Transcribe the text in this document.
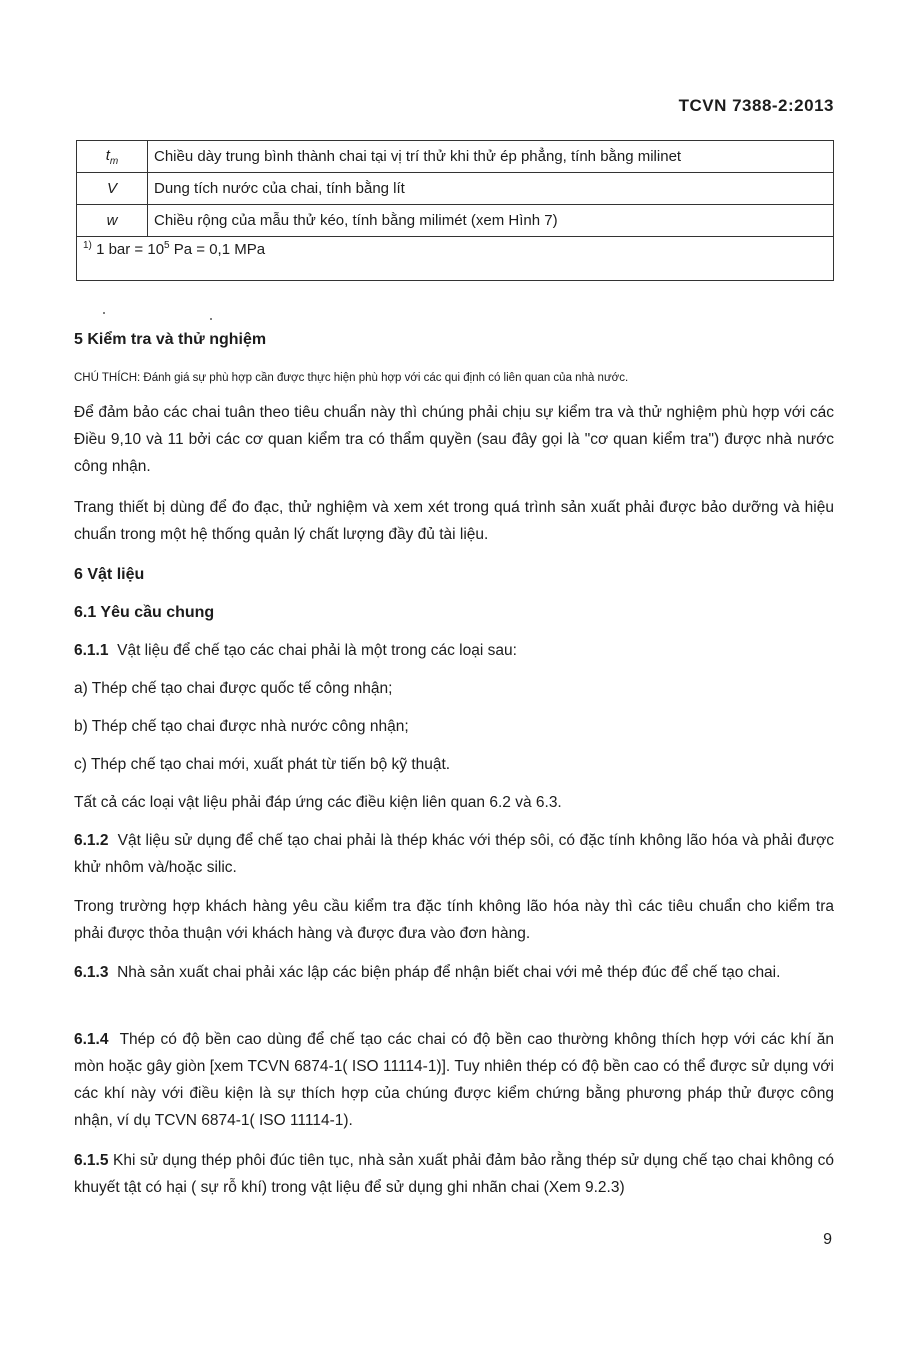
TCVN 7388-2:2013
$t_m$	Chiều dày trung bình thành chai tại vị trí thử khi thử ép phẳng, tính bằng milinet
V	Dung tích nước của chai, tính bằng lít
w	Chiều rộng của mẫu thử kéo, tính bằng milimét (xem Hình 7)
$^{1)}$ 1 bar = $10^5$ Pa = 0,1 MPa	
5 Kiểm tra và thử nghiệm
CHÚ THÍCH: Đánh giá sự phù hợp cần được thực hiện phù hợp với các qui định có liên quan của nhà nước.
Để đảm bảo các chai tuân theo tiêu chuẩn này thì chúng phải chịu sự kiểm tra và thử nghiệm phù hợp với các Điều 9,10 và 11 bởi các cơ quan kiểm tra có thẩm quyền (sau đây gọi là "cơ quan kiểm tra") được nhà nước công nhận.
Trang thiết bị dùng để đo đạc, thử nghiệm và xem xét trong quá trình sản xuất phải được bảo dưỡng và hiệu chuẩn trong một hệ thống quản lý chất lượng đầy đủ tài liệu.
6 Vật liệu
6.1 Yêu cầu chung
6.1.1 Vật liệu để chế tạo các chai phải là một trong các loại sau:
a) Thép chế tạo chai được quốc tế công nhận;
b) Thép chế tạo chai được nhà nước công nhận;
c) Thép chế tạo chai mới, xuất phát từ tiến bộ kỹ thuật.
Tất cả các loại vật liệu phải đáp ứng các điều kiện liên quan 6.2 và 6.3.
6.1.2 Vật liệu sử dụng để chế tạo chai phải là thép khác với thép sôi, có đặc tính không lão hóa và phải được khử nhôm và/hoặc silic.
Trong trường hợp khách hàng yêu cầu kiểm tra đặc tính không lão hóa này thì các tiêu chuẩn cho kiểm tra phải được thỏa thuận với khách hàng và được đưa vào đơn hàng.
6.1.3 Nhà sản xuất chai phải xác lập các biện pháp để nhận biết chai với mẻ thép đúc để chế tạo chai.
6.1.4 Thép có độ bền cao dùng để chế tạo các chai có độ bền cao thường không thích hợp với các khí ăn mòn hoặc gây giòn [xem TCVN 6874-1( ISO 11114-1)]. Tuy nhiên thép có độ bền cao có thể được sử dụng với các khí này với điều kiện là sự thích hợp của chúng được kiểm chứng bằng phương pháp thử được công nhận, ví dụ TCVN 6874-1( ISO 11114-1).
6.1.5 Khi sử dụng thép phôi đúc tiên tục, nhà sản xuất phải đảm bảo rằng thép sử dụng chế tạo chai không có khuyết tật có hại ( sự rỗ khí) trong vật liệu để sử dụng ghi nhãn chai (Xem 9.2.3)
9
